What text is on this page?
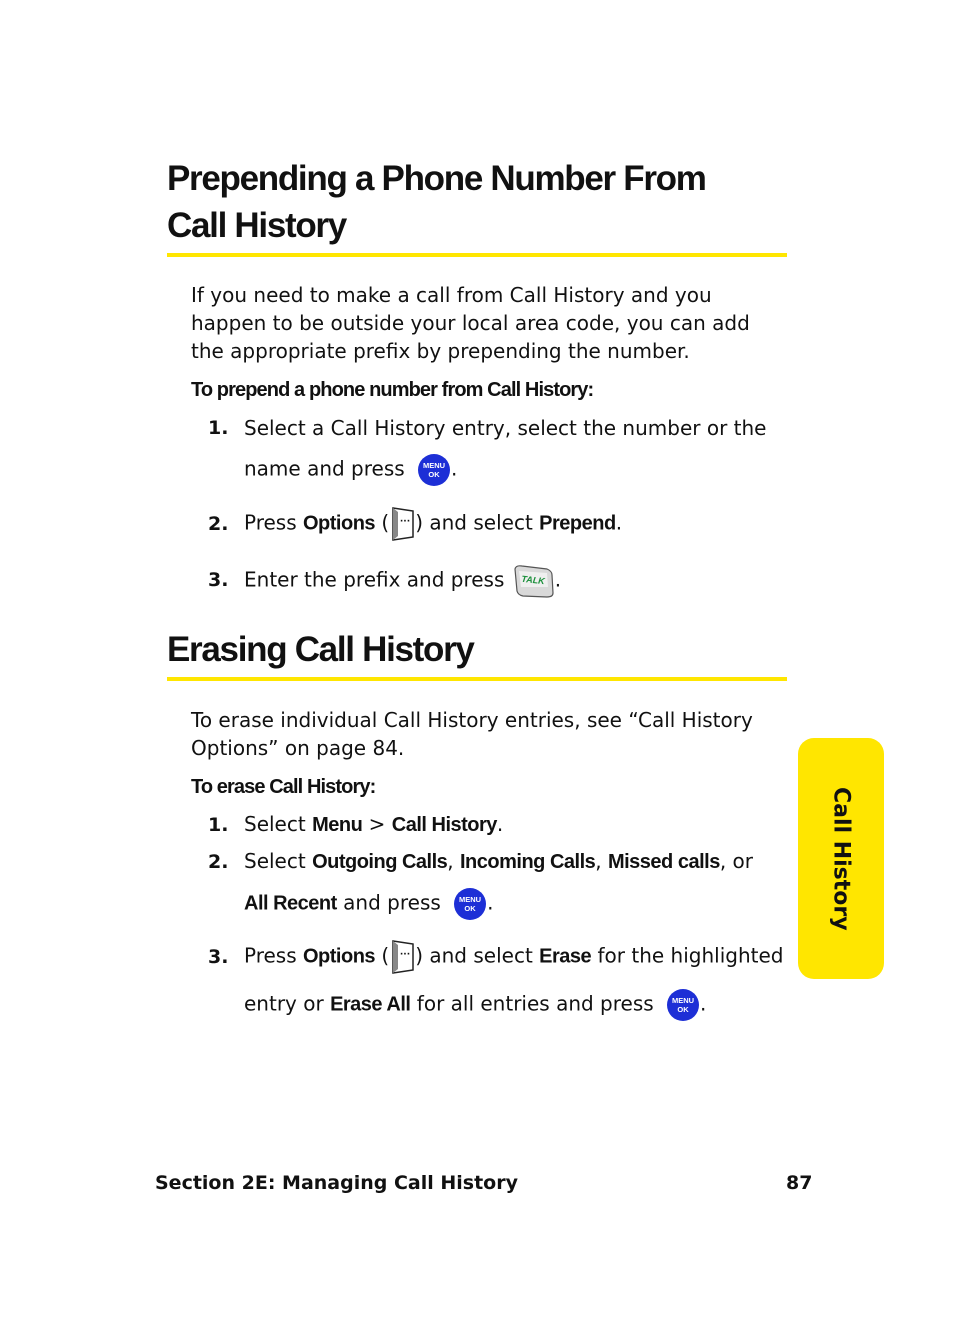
Prepending a Phone Number From
Call History

If you need to make a call from Call History and you happen to be outside your local area code, you can add the appropriate prefix by prepending the number.

To prepend a phone number from Call History:

1. Select a Call History entry, select the number or the
name and press MENU
OK .
2. Press Options ( ··· ) and select Prepend.
3. Enter the prefix and press TALK .
Erasing Call History

To erase individual Call History entries, see “Call History Options” on page 84.

To erase Call History:

1. Select Menu > Call History.
2. Select Outgoing Calls, Incoming Calls, Missed calls, or
All Recent and press MENU
OK .
3. Press Options ( ··· ) and select Erase for the highlighted
entry or Erase All for all entries and press MENU
OK .
Call History
Section 2E: Managing Call History	87
